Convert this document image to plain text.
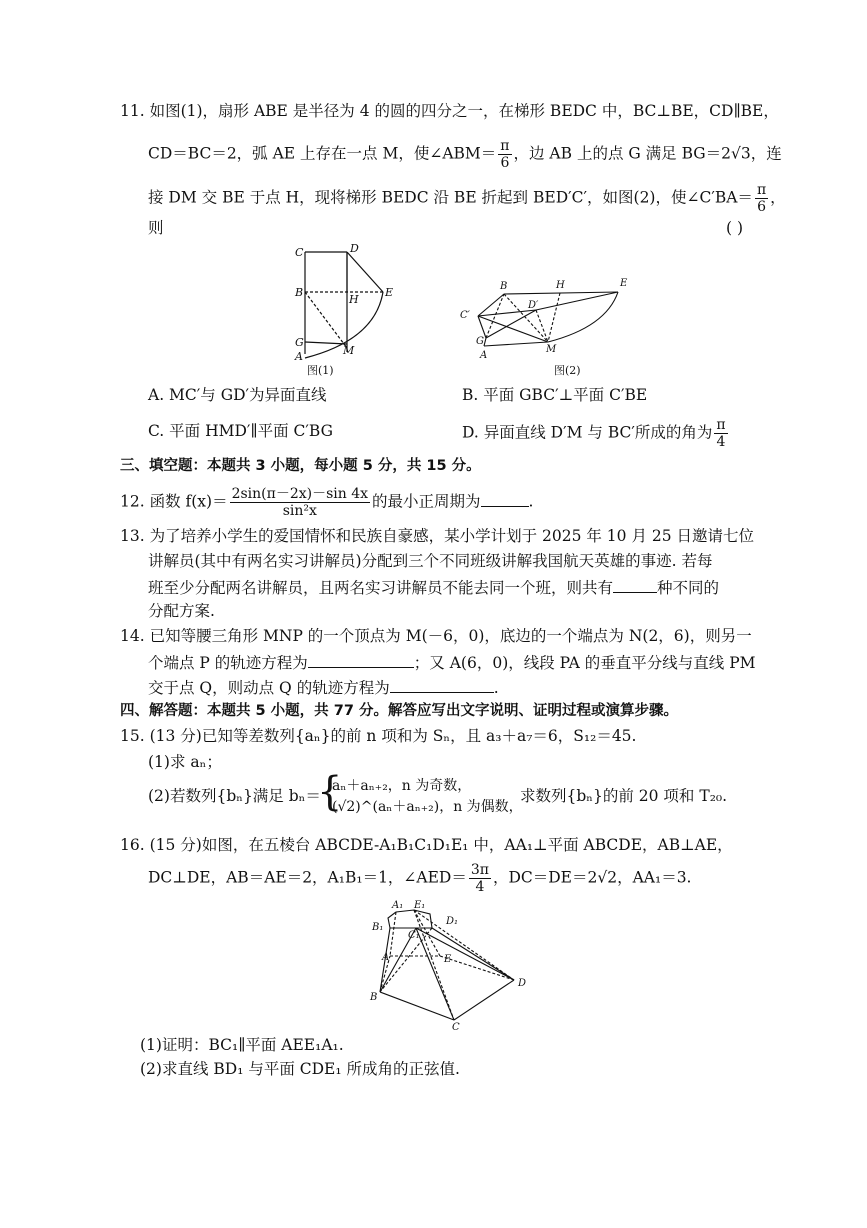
11. 如图(1)，扇形 ABE 是半径为 4 的圆的四分之一，在梯形 BEDC 中，BC⊥BE，CD∥BE，
CD＝BC＝2，弧 AE 上存在一点 M，使∠ABM＝ $\frac{\pi}{6}$ ，边 AB 上的点 G 满足 BG＝2√3，连
接 DM 交 BE 于点 H，现将梯形 BEDC 沿 BE 折起到 BED′C′，如图(2)，使∠C′BA＝ $\frac{\pi}{6}$ ，
则	( )
C	D
B
H
E
G
A	M
图(1)
B	H	E
D′
C′
G
A
M
图(2)
A. MC′与 GD′为异面直线	B. 平面 GBC′⊥平面 C′BE
C. 平面 HMD′∥平面 C′BG	D. 异面直线 D′M 与 BC′所成的角为 $\frac{\pi}{4}$
三、填空题：本题共 3 小题，每小题 5 分，共 15 分。
12. 函数 $f(x)= \frac{2\sin(\pi-2x)-\sin 4x}{\text{sin²x}}$ 的最小正周期为	.
13. 为了培养小学生的爱国情怀和民族自豪感，某小学计划于 2025 年 10 月 25 日邀请七位
讲解员(其中有两名实习讲解员)分配到三个不同班级讲解我国航天英雄的事迹. 若每
班至少分配两名讲解员，且两名实习讲解员不能去同一个班，则共有	种不同的
分配方案.
14. 已知等腰三角形 MNP 的一个顶点为 M(－6，0)，底边的一个端点为 N(2，6)，则另一
个端点 P 的轨迹方程为	；又 A(6，0)，线段 PA 的垂直平分线与直线 PM
交于点 Q，则动点 Q 的轨迹方程为	.
四、解答题：本题共 5 小题，共 77 分。解答应写出文字说明、证明过程或演算步骤。
15. (13 分)已知等差数列{aₙ}的前 n 项和为 Sₙ，且 a₃＋a₇＝6，S₁₂＝45.
(1)求 aₙ；
(2)若数列{bₙ}满足 bₙ＝
{
aₙ＋aₙ₊₂，n 为奇数，
(√2)^(aₙ＋aₙ₊₂)，n 为偶数，
求数列{bₙ}的前 20 项和 T₂₀.
16. (15 分)如图，在五棱台 ABCDE-A₁B₁C₁D₁E₁ 中，AA₁⊥平面 ABCDE，AB⊥AE，
DC⊥DE，AB＝AE＝2，A₁B₁＝1，∠AED＝ $\frac{3\pi}{4}$ ，DC＝DE＝2√2，AA₁＝3.
A₁ E₁
B₁
C₁
D₁
A	E
B
C
D
(1)证明：BC₁∥平面 AEE₁A₁.
(2)求直线 BD₁ 与平面 CDE₁ 所成角的正弦值.
